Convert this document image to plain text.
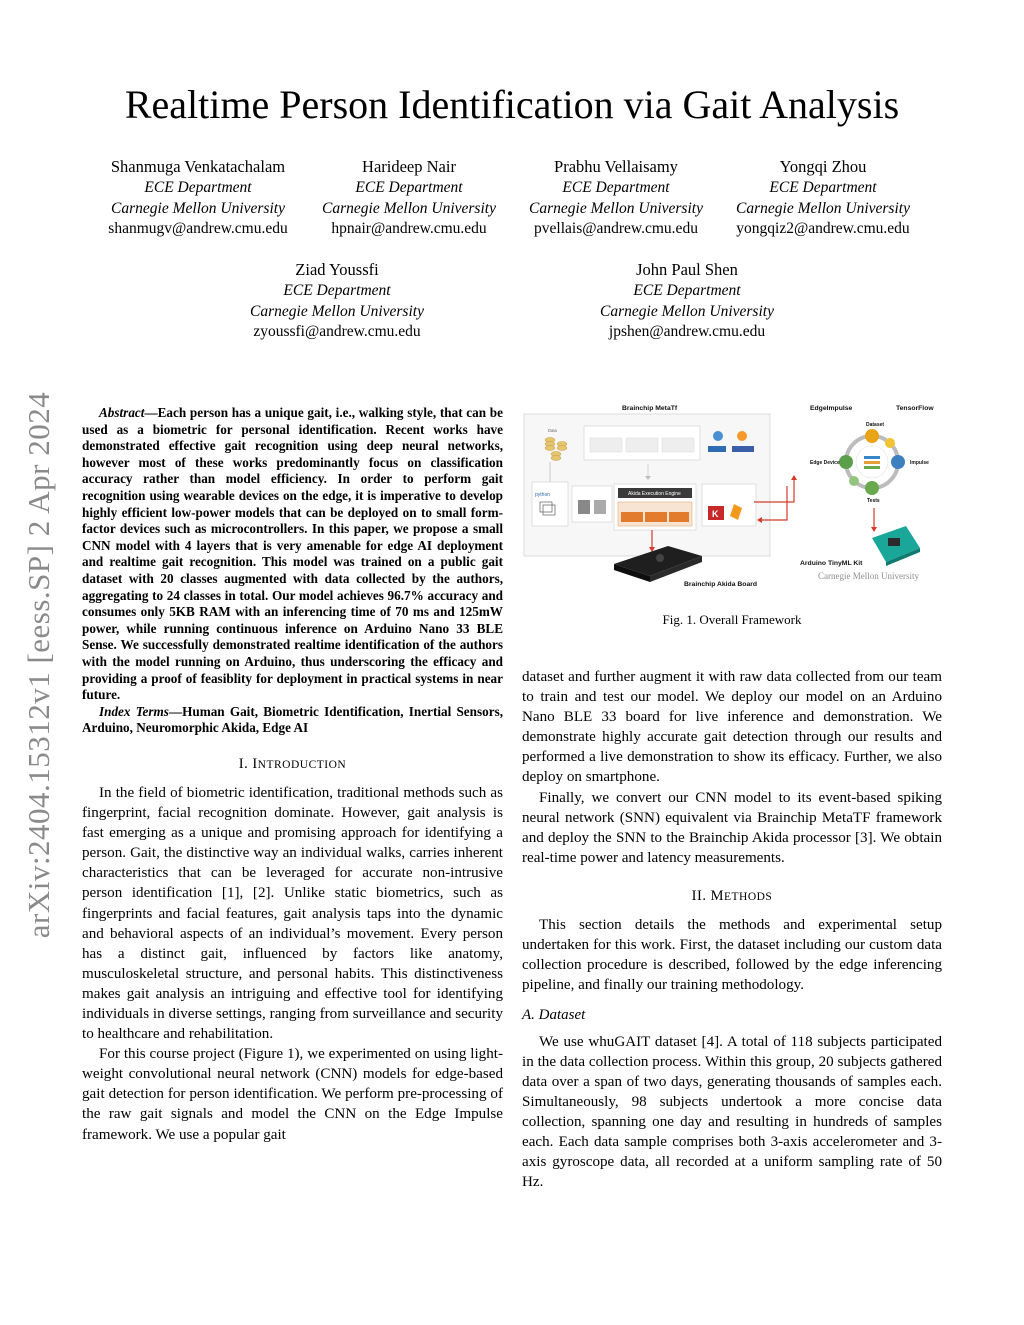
arXiv:2404.15312v1 [eess.SP] 2 Apr 2024
Realtime Person Identification via Gait Analysis
Shanmuga Venkatachalam
ECE Department
Carnegie Mellon University
shanmugv@andrew.cmu.edu
Harideep Nair
ECE Department
Carnegie Mellon University
hpnair@andrew.cmu.edu
Prabhu Vellaisamy
ECE Department
Carnegie Mellon University
pvellais@andrew.cmu.edu
Yongqi Zhou
ECE Department
Carnegie Mellon University
yongqiz2@andrew.cmu.edu
Ziad Youssfi
ECE Department
Carnegie Mellon University
zyoussfi@andrew.cmu.edu
John Paul Shen
ECE Department
Carnegie Mellon University
jpshen@andrew.cmu.edu

Abstract—Each person has a unique gait, i.e., walking style, that can be used as a biometric for personal identification. Recent works have demonstrated effective gait recognition using deep neural networks, however most of these works predominantly focus on classification accuracy rather than model efficiency. In order to perform gait recognition using wearable devices on the edge, it is imperative to develop highly efficient low-power models that can be deployed on to small form-factor devices such as microcontrollers. In this paper, we propose a small CNN model with 4 layers that is very amenable for edge AI deployment and realtime gait recognition. This model was trained on a public gait dataset with 20 classes augmented with data collected by the authors, aggregating to 24 classes in total. Our model achieves 96.7% accuracy and consumes only 5KB RAM with an inferencing time of 70 ms and 125mW power, while running continuous inference on Arduino Nano 33 BLE Sense. We successfully demonstrated realtime identification of the authors with the model running on Arduino, thus underscoring the efficacy and providing a proof of feasiblity for deployment in practical systems in near future.

Index Terms—Human Gait, Biometric Identification, Inertial Sensors, Arduino, Neuromorphic Akida, Edge AI

I. INTRODUCTION

In the field of biometric identification, traditional methods such as fingerprint, facial recognition dominate. However, gait analysis is fast emerging as a unique and promising approach for identifying a person. Gait, the distinctive way an individual walks, carries inherent characteristics that can be leveraged for accurate non-intrusive person identification [1], [2]. Unlike static biometrics, such as fingerprints and facial features, gait analysis taps into the dynamic and behavioral aspects of an individual’s movement. Every person has a distinct gait, influenced by factors like anatomy, musculoskeletal structure, and personal habits. This distinctiveness makes gait analysis an intriguing and effective tool for identifying individuals in diverse settings, ranging from surveillance and security to healthcare and rehabilitation.

For this course project (Figure 1), we experimented on using light-weight convolutional neural network (CNN) models for edge-based gait detection for person identification. We perform pre-processing of the raw gait signals and model the CNN on the Edge Impulse framework. We use a popular gait

Brainchip MetaTf
Data
python	Akida Execution Engine
K
Brainchip Akida Board
EdgeImpulse	TensorFlow
Dataset
Impulse
Tests
Edge Device
Arduino TinyML Kit
Carnegie Mellon University
Fig. 1. Overall Framework

dataset and further augment it with raw data collected from our team to train and test our model. We deploy our model on an Arduino Nano BLE 33 board for live inference and demonstration. We demonstrate highly accurate gait detection through our results and performed a live demonstration to show its efficacy. Further, we also deploy on smartphone.

Finally, we convert our CNN model to its event-based spiking neural network (SNN) equivalent via Brainchip MetaTF framework and deploy the SNN to the Brainchip Akida processor [3]. We obtain real-time power and latency measurements.

II. METHODS

This section details the methods and experimental setup undertaken for this work. First, the dataset including our custom data collection procedure is described, followed by the edge inferencing pipeline, and finally our training methodology.

A. Dataset

We use whuGAIT dataset [4]. A total of 118 subjects participated in the data collection process. Within this group, 20 subjects gathered data over a span of two days, generating thousands of samples each. Simultaneously, 98 subjects undertook a more concise data collection, spanning one day and resulting in hundreds of samples each. Each data sample comprises both 3-axis accelerometer and 3-axis gyroscope data, all recorded at a uniform sampling rate of 50 Hz.
